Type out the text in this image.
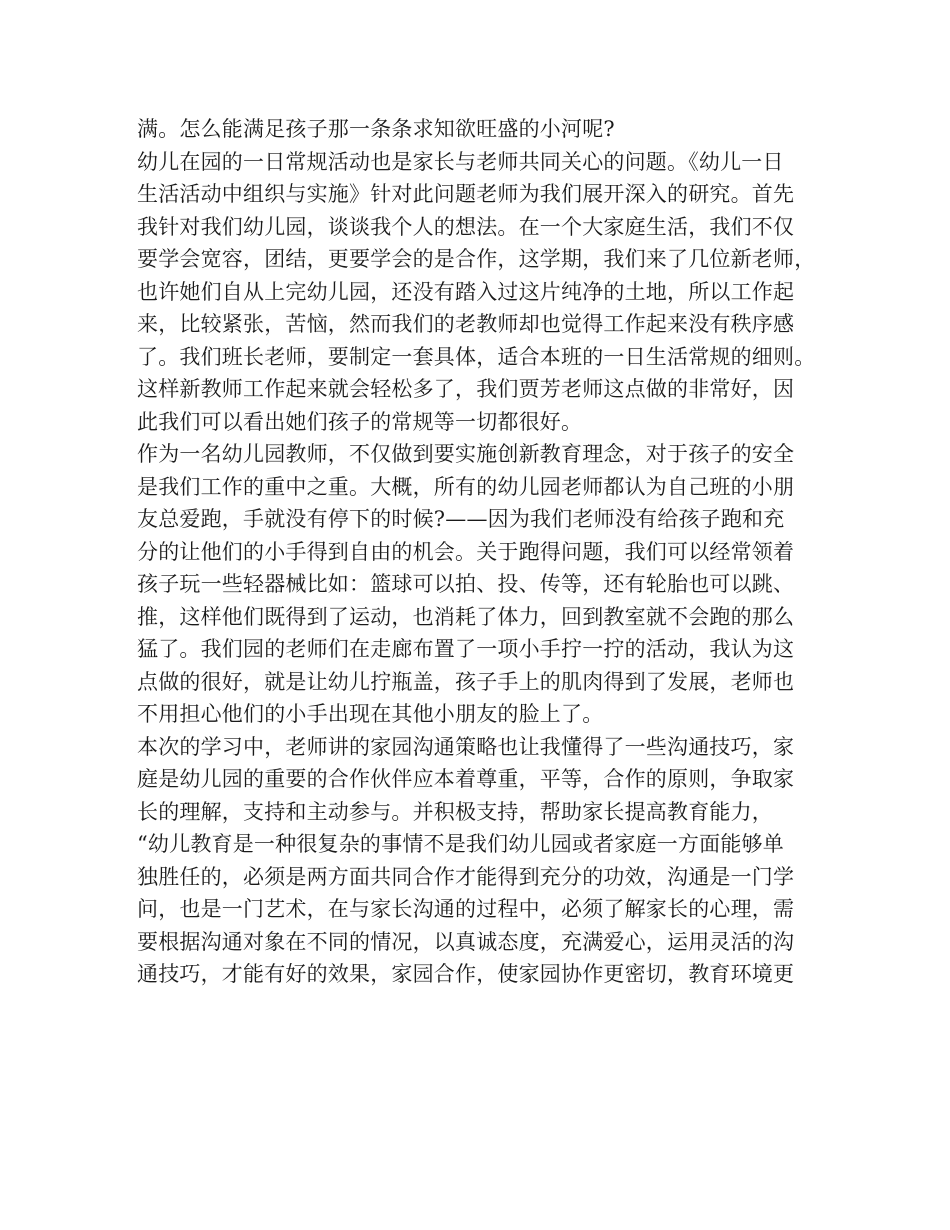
满。怎么能满足孩子那一条条求知欲旺盛的小河呢?
幼儿在园的一日常规活动也是家长与老师共同关心的问题。《幼儿一日
生活活动中组织与实施》针对此问题老师为我们展开深入的研究。首先
我针对我们幼儿园，谈谈我个人的想法。在一个大家庭生活，我们不仅
要学会宽容，团结，更要学会的是合作，这学期，我们来了几位新老师，
也许她们自从上完幼儿园，还没有踏入过这片纯净的土地，所以工作起
来，比较紧张，苦恼，然而我们的老教师却也觉得工作起来没有秩序感
了。我们班长老师，要制定一套具体，适合本班的一日生活常规的细则。
这样新教师工作起来就会轻松多了，我们贾芳老师这点做的非常好，因
此我们可以看出她们孩子的常规等一切都很好。
作为一名幼儿园教师，不仅做到要实施创新教育理念，对于孩子的安全
是我们工作的重中之重。大概，所有的幼儿园老师都认为自己班的小朋
友总爱跑，手就没有停下的时候?——因为我们老师没有给孩子跑和充
分的让他们的小手得到自由的机会。关于跑得问题，我们可以经常领着
孩子玩一些轻器械比如：篮球可以拍、投、传等，还有轮胎也可以跳、
推，这样他们既得到了运动，也消耗了体力，回到教室就不会跑的那么
猛了。我们园的老师们在走廊布置了一项小手拧一拧的活动，我认为这
点做的很好，就是让幼儿拧瓶盖，孩子手上的肌肉得到了发展，老师也
不用担心他们的小手出现在其他小朋友的脸上了。
本次的学习中，老师讲的家园沟通策略也让我懂得了一些沟通技巧，家
庭是幼儿园的重要的合作伙伴应本着尊重，平等，合作的原则，争取家
长的理解，支持和主动参与。并积极支持，帮助家长提高教育能力，
“幼儿教育是一种很复杂的事情不是我们幼儿园或者家庭一方面能够单
独胜任的，必须是两方面共同合作才能得到充分的功效，沟通是一门学
问，也是一门艺术，在与家长沟通的过程中，必须了解家长的心理，需
要根据沟通对象在不同的情况，以真诚态度，充满爱心，运用灵活的沟
通技巧，才能有好的效果，家园合作，使家园协作更密切，教育环境更
